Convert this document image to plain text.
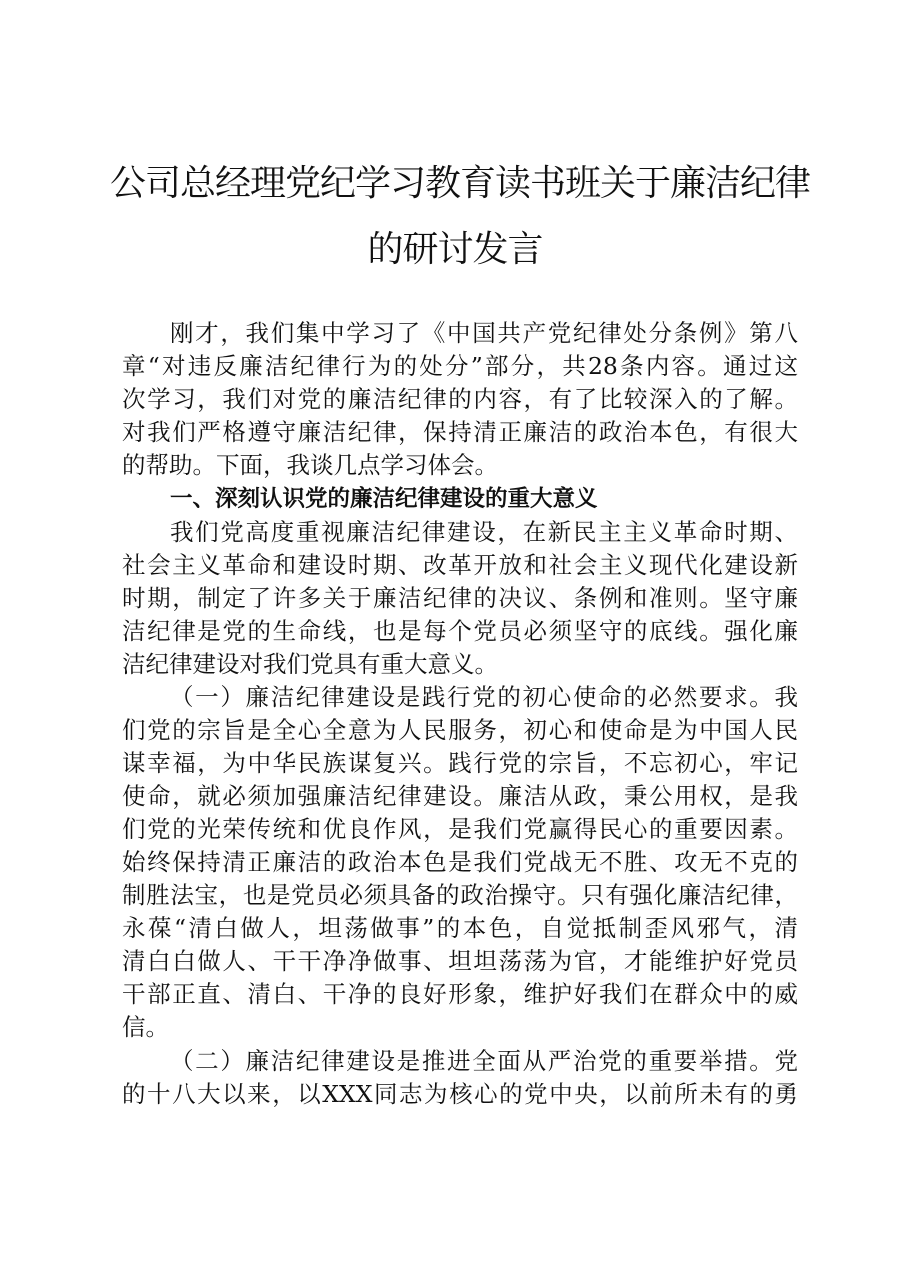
公司总经理党纪学习教育读书班关于廉洁纪律
的研讨发言
刚才，我们集中学习了《中国共产党纪律处分条例》第八
章“对违反廉洁纪律行为的处分”部分，共28条内容。通过这
次学习，我们对党的廉洁纪律的内容，有了比较深入的了解。
对我们严格遵守廉洁纪律，保持清正廉洁的政治本色，有很大
的帮助。下面，我谈几点学习体会。
一、深刻认识党的廉洁纪律建设的重大意义
我们党高度重视廉洁纪律建设，在新民主主义革命时期、
社会主义革命和建设时期、改革开放和社会主义现代化建设新
时期，制定了许多关于廉洁纪律的决议、条例和准则。坚守廉
洁纪律是党的生命线，也是每个党员必须坚守的底线。强化廉
洁纪律建设对我们党具有重大意义。
（一）廉洁纪律建设是践行党的初心使命的必然要求。我
们党的宗旨是全心全意为人民服务，初心和使命是为中国人民
谋幸福，为中华民族谋复兴。践行党的宗旨，不忘初心，牢记
使命，就必须加强廉洁纪律建设。廉洁从政，秉公用权，是我
们党的光荣传统和优良作风，是我们党赢得民心的重要因素。
始终保持清正廉洁的政治本色是我们党战无不胜、攻无不克的
制胜法宝，也是党员必须具备的政治操守。只有强化廉洁纪律，
永葆“清白做人，坦荡做事”的本色，自觉抵制歪风邪气，清
清白白做人、干干净净做事、坦坦荡荡为官，才能维护好党员
干部正直、清白、干净的良好形象，维护好我们在群众中的威
信。
（二）廉洁纪律建设是推进全面从严治党的重要举措。党
的十八大以来，以XXX同志为核心的党中央，以前所未有的勇
